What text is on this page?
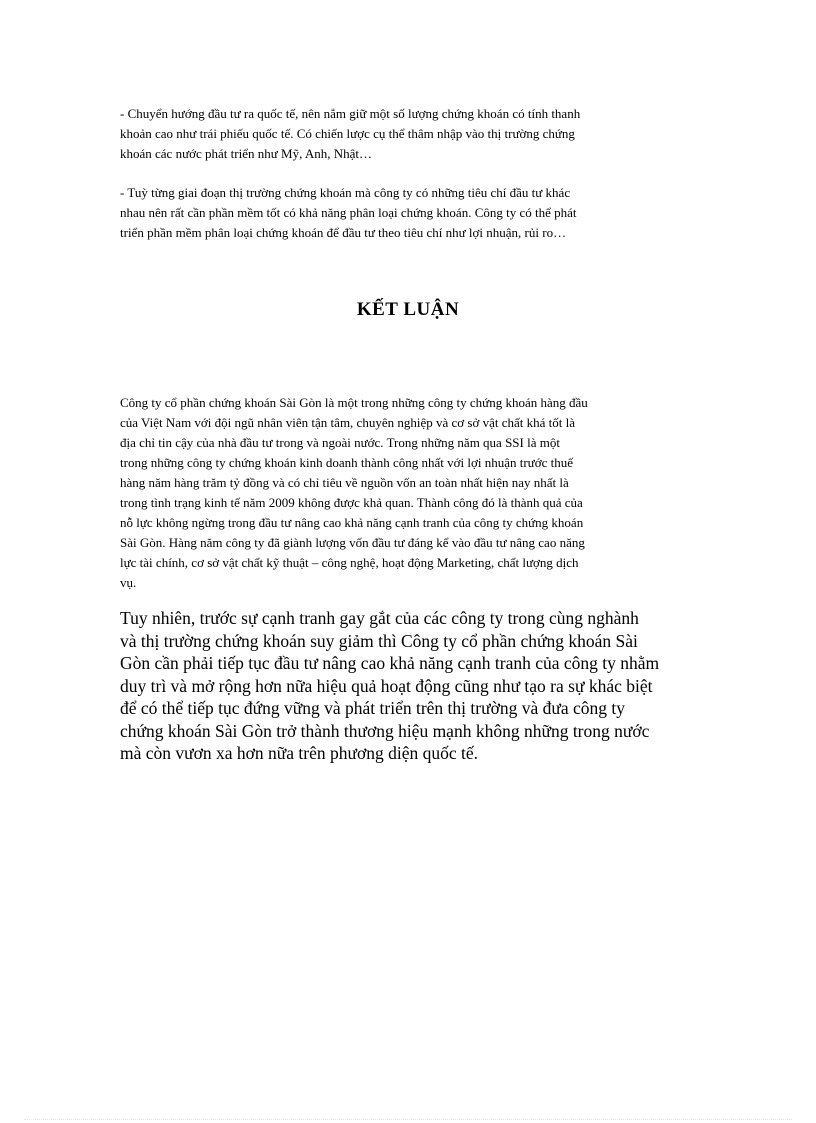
- Chuyển hướng đầu tư ra quốc tế, nên nắm giữ một số lượng chứng khoán có tính thanh
khoản cao như trái phiếu quốc tế. Có chiến lược cụ thể thâm nhập vào thị trường chứng
khoán các nước phát triển như Mỹ, Anh, Nhật…

- Tuỳ từng giai đoạn thị trường chứng khoán mà công ty có những tiêu chí đầu tư khác
nhau nên rất cần phần mềm tốt có khả năng phân loại chứng khoán. Công ty có thể phát
triển phần mềm phân loại chứng khoán để đầu tư theo tiêu chí như lợi nhuận, rủi ro…

KẾT LUẬN

Công ty cổ phần chứng khoán Sài Gòn là một trong những công ty chứng khoán hàng đầu
của Việt Nam với đội ngũ nhân viên tận tâm, chuyên nghiệp và cơ sở vật chất khá tốt là
địa chỉ tin cậy của nhà đầu tư trong và ngoài nước. Trong những năm qua SSI là một
trong những công ty chứng khoán kinh doanh thành công nhất với lợi nhuận trước thuế
hàng năm hàng trăm tỷ đồng và có chỉ tiêu về nguồn vốn an toàn nhất hiện nay nhất là
trong tình trạng kinh tế năm 2009 không được khả quan. Thành công đó là thành quả của
nỗ lực không ngừng trong đầu tư nâng cao khả năng cạnh tranh của công ty chứng khoán
Sài Gòn. Hàng năm công ty đã giành lượng vốn đầu tư đáng kể vào đầu tư nâng cao năng
lực tài chính, cơ sở vật chất kỹ thuật – công nghệ, hoạt động Marketing, chất lượng dịch
vụ.

Tuy nhiên, trước sự cạnh tranh gay gắt của các công ty trong cùng nghành
và thị trường chứng khoán suy giảm thì Công ty cổ phần chứng khoán Sài
Gòn cần phải tiếp tục đầu tư nâng cao khả năng cạnh tranh của công ty nhằm
duy trì và mở rộng hơn nữa hiệu quả hoạt động cũng như tạo ra sự khác biệt
để có thể tiếp tục đứng vững và phát triển trên thị trường và đưa công ty
chứng khoán Sài Gòn trở thành thương hiệu mạnh không những trong nước
mà còn vươn xa hơn nữa trên phương diện quốc tế.
